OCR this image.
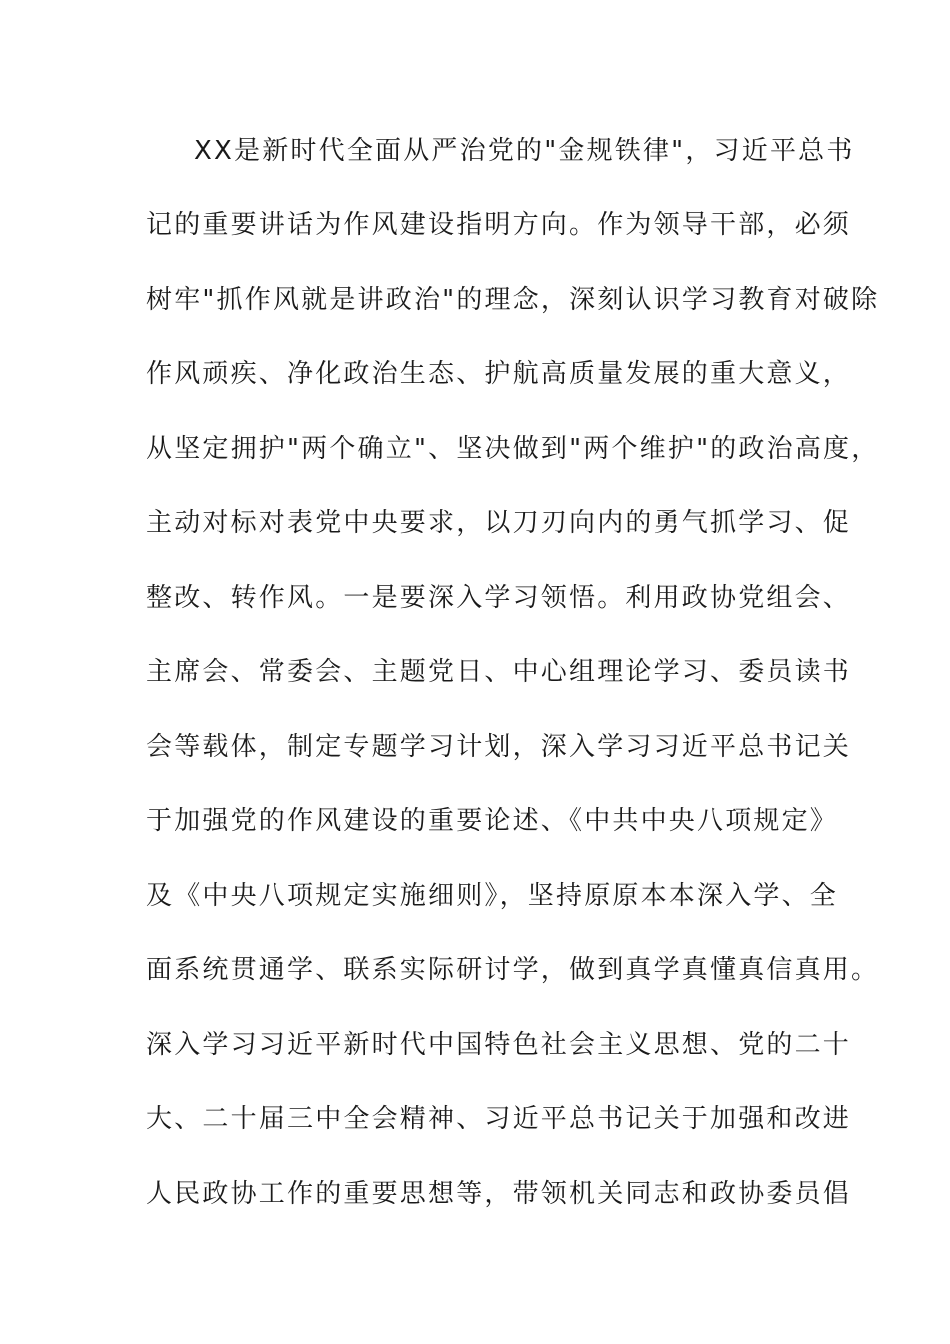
XX是新时代全面从严治党的"金规铁律"，习近平总书
记的重要讲话为作风建设指明方向。作为领导干部，必须
树牢"抓作风就是讲政治"的理念，深刻认识学习教育对破除
作风顽疾、净化政治生态、护航高质量发展的重大意义，
从坚定拥护"两个确立"、坚决做到"两个维护"的政治高度，
主动对标对表党中央要求，以刀刃向内的勇气抓学习、促
整改、转作风。一是要深入学习领悟。利用政协党组会、
主席会、常委会、主题党日、中心组理论学习、委员读书
会等载体，制定专题学习计划，深入学习习近平总书记关
于加强党的作风建设的重要论述、《中共中央八项规定》
及《中央八项规定实施细则》，坚持原原本本深入学、全
面系统贯通学、联系实际研讨学，做到真学真懂真信真用。
深入学习习近平新时代中国特色社会主义思想、党的二十
大、二十届三中全会精神、习近平总书记关于加强和改进
人民政协工作的重要思想等，带领机关同志和政协委员倡
